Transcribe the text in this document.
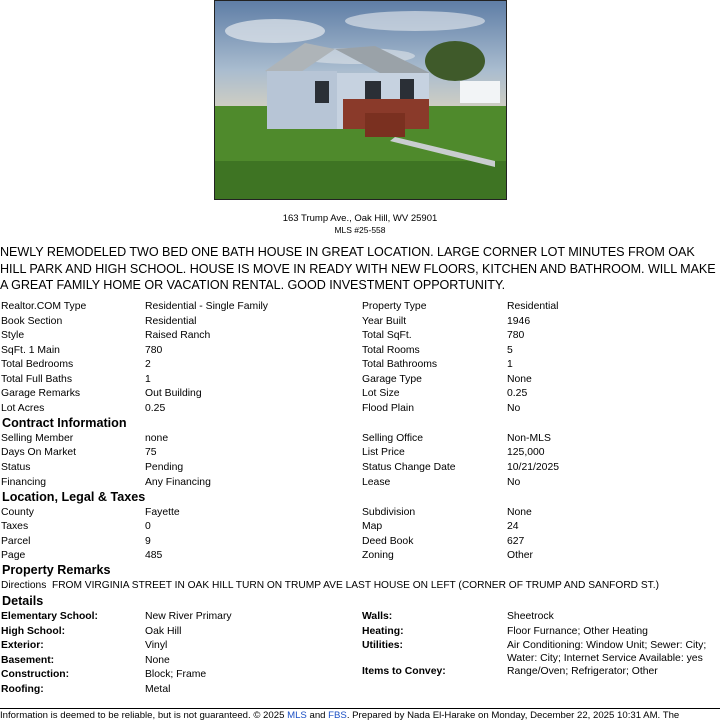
163 Trump Ave., Oak Hill, WV 25901
MLS #25-558
NEWLY REMODELED TWO BED ONE BATH HOUSE IN GREAT LOCATION. LARGE CORNER LOT MINUTES FROM OAK HILL PARK AND HIGH SCHOOL. HOUSE IS MOVE IN READY WITH NEW FLOORS, KITCHEN AND BATHROOM. WILL MAKE A GREAT FAMILY HOME OR VACATION RENTAL. GOOD INVESTMENT OPPORTUNITY.
Realtor.COM Type	Residential - Single Family	Property Type	Residential
Book Section	Residential	Year Built	1946
Style	Raised Ranch	Total SqFt.	780
SqFt. 1 Main	780	Total Rooms	5
Total Bedrooms	2	Total Bathrooms	1
Total Full Baths	1	Garage Type	None
Garage Remarks	Out Building	Lot Size	0.25
Lot Acres	0.25	Flood Plain	No
Contract Information
Selling Member	none	Selling Office	Non-MLS
Days On Market	75	List Price	125,000
Status	Pending	Status Change Date	10/21/2025
Financing	Any Financing	Lease	No
Location, Legal & Taxes
County	Fayette	Subdivision	None
Taxes	0	Map	24
Parcel	9	Deed Book	627
Page	485	Zoning	Other
Property Remarks
Directions FROM VIRGINIA STREET IN OAK HILL TURN ON TRUMP AVE LAST HOUSE ON LEFT (CORNER OF TRUMP AND SANFORD ST.)
Details
Elementary School:	New River Primary	Walls:	Sheetrock
High School:	Oak Hill	Heating:	Floor Furnance; Other Heating
Exterior:	Vinyl	Utilities:	Air Conditioning: Window Unit; Sewer: City; Water: City; Internet Service Available: yes
Basement:	None
Construction:	Block; Frame	Items to Convey:	Range/Oven; Refrigerator; Other
Roofing:	Metal
Information is deemed to be reliable, but is not guaranteed. © 2025 MLS and FBS. Prepared by Nada El-Harake on Monday, December 22, 2025 10:31 AM. The
